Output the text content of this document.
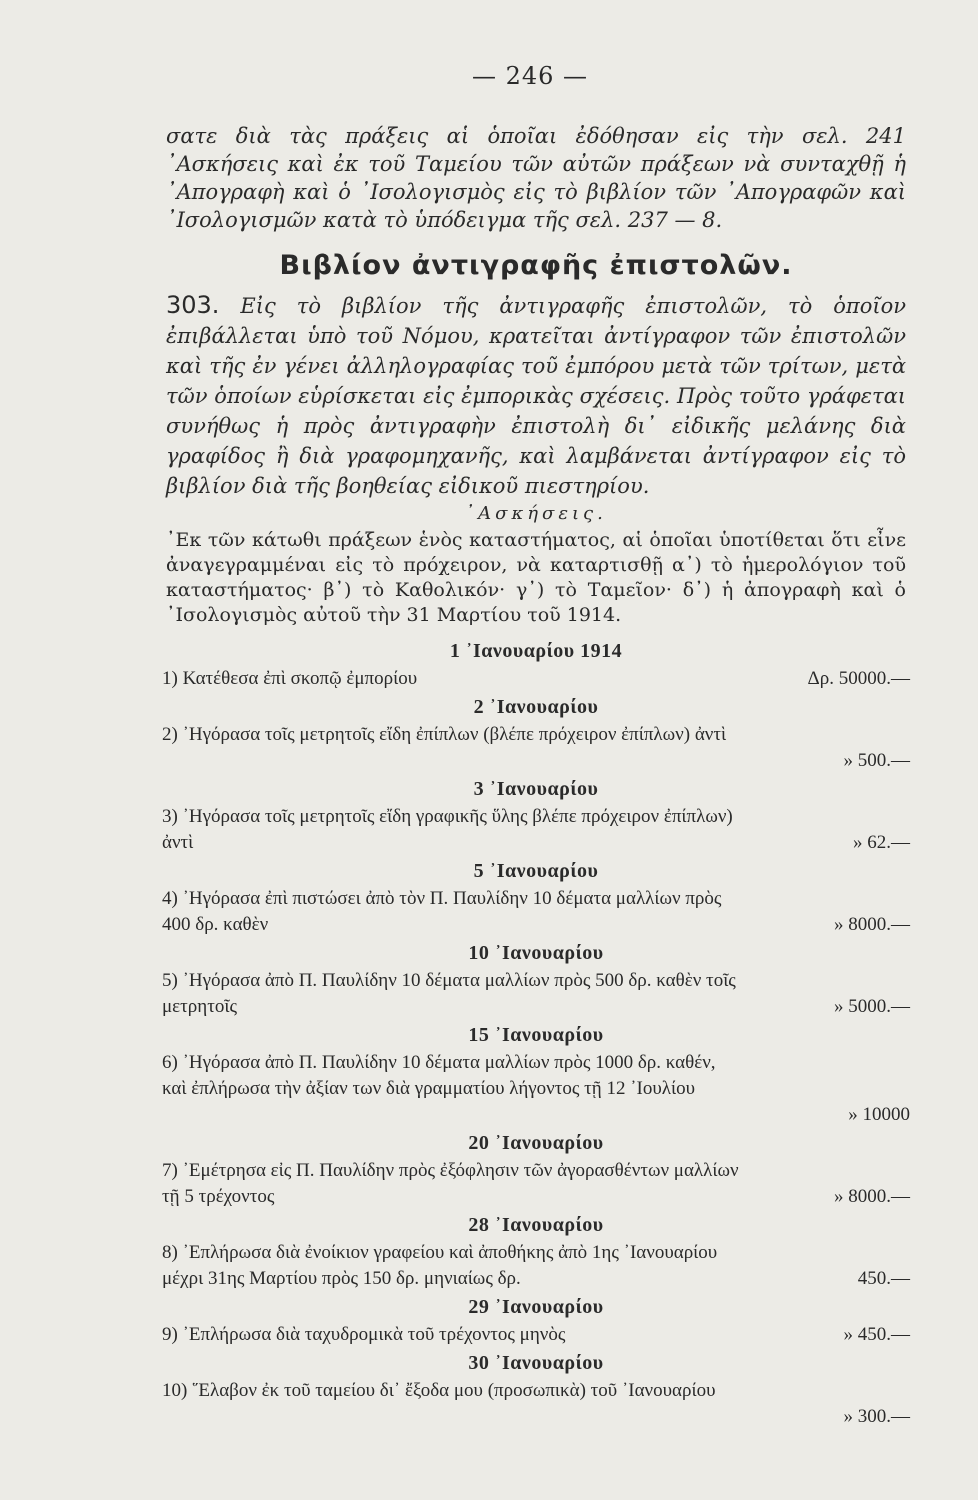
— 246 —
σατε διὰ τὰς πράξεις αἱ ὁποῖαι ἐδόθησαν εἰς τὴν σελ. 241 ᾿Ασκήσεις καὶ ἐκ τοῦ Ταμείου τῶν αὐτῶν πράξεων νὰ συνταχθῇ ἡ ᾿Απογραφὴ καὶ ὁ ᾿Ισολογισμὸς εἰς τὸ βιβλίον τῶν ᾿Απογραφῶν καὶ ᾿Ισολογισμῶν κατὰ τὸ ὑπόδειγμα τῆς σελ. 237 — 8.
Βιβλίον ἀντιγραφῆς ἐπιστολῶν.
303. Εἰς τὸ βιβλίον τῆς ἀντιγραφῆς ἐπιστολῶν, τὸ ὁποῖον ἐπιβάλλεται ὑπὸ τοῦ Νόμου, κρατεῖται ἀντίγραφον τῶν ἐπιστολῶν καὶ τῆς ἐν γένει ἀλληλογραφίας τοῦ ἐμπόρου μετὰ τῶν τρίτων, μετὰ τῶν ὁποίων εὑρίσκεται εἰς ἐμπορικὰς σχέσεις. Πρὸς τοῦτο γράφεται συνήθως ἡ πρὸς ἀντιγραφὴν ἐπιστολὴ δι᾿ εἰδικῆς μελάνης διὰ γραφίδος ἢ διὰ γραφομηχανῆς, καὶ λαμβάνεται ἀντίγραφον εἰς τὸ βιβλίον διὰ τῆς βοηθείας εἰδικοῦ πιεστηρίου.
᾿Ασκήσεις.
᾿Εκ τῶν κάτωθι πράξεων ἑνὸς καταστήματος, αἱ ὁποῖαι ὑποτίθεται ὅτι εἶνε ἀναγεγραμμέναι εἰς τὸ πρόχειρον, νὰ καταρτισθῇ α᾿) τὸ ἡμερολόγιον τοῦ καταστήματος· β᾿) τὸ Καθολικόν· γ᾿) τὸ Ταμεῖον· δ᾿) ἡ ἀπογραφὴ καὶ ὁ ᾿Ισολογισμὸς αὐτοῦ τὴν 31 Μαρτίου τοῦ 1914.
1 ᾿Ιανουαρίου 1914
1) Κατέθεσα ἐπὶ σκοπῷ ἐμπορίου	Δρ. 50000.—
2 ᾿Ιανουαρίου
2) ᾿Ηγόρασα τοῖς μετρητοῖς εἴδη ἐπίπλων (βλέπε πρόχειρον ἐπίπλων) ἀντὶ
» 500.—
3 ᾿Ιανουαρίου
3) ᾿Ηγόρασα τοῖς μετρητοῖς εἴδη γραφικῆς ὕλης βλέπε πρόχειρον ἐπίπλων) ἀντὶ	» 62.—
5 ᾿Ιανουαρίου
4) ᾿Ηγόρασα ἐπὶ πιστώσει ἀπὸ τὸν Π. Παυλίδην 10 δέματα μαλλίων πρὸς 400 δρ. καθὲν	» 8000.—
10 ᾿Ιανουαρίου
5) ᾿Ηγόρασα ἀπὸ Π. Παυλίδην 10 δέματα μαλλίων πρὸς 500 δρ. καθὲν τοῖς μετρητοῖς	» 5000.—
15 ᾿Ιανουαρίου
6) ᾿Ηγόρασα ἀπὸ Π. Παυλίδην 10 δέματα μαλλίων πρὸς 1000 δρ. καθέν, καὶ ἐπλήρωσα τὴν ἀξίαν των διὰ γραμματίου λήγοντος τῇ 12 ᾿Ιουλίου
» 10000
20 ᾿Ιανουαρίου
7) ᾿Εμέτρησα εἰς Π. Παυλίδην πρὸς ἐξόφλησιν τῶν ἀγορασθέντων μαλλίων τῇ 5 τρέχοντος	» 8000.—
28 ᾿Ιανουαρίου
8) ᾿Επλήρωσα διὰ ἐνοίκιον γραφείου καὶ ἀποθήκης ἀπὸ 1ης ᾿Ιανουαρίου μέχρι 31ης Μαρτίου πρὸς 150 δρ. μηνιαίως δρ.	450.—
29 ᾿Ιανουαρίου
9) ᾿Επλήρωσα διὰ ταχυδρομικὰ τοῦ τρέχοντος μηνὸς	» 450.—
30 ᾿Ιανουαρίου
10) ῞Ελαβον ἐκ τοῦ ταμείου δι᾿ ἔξοδα μου (προσωπικὰ) τοῦ ᾿Ιανουαρίου
» 300.—
